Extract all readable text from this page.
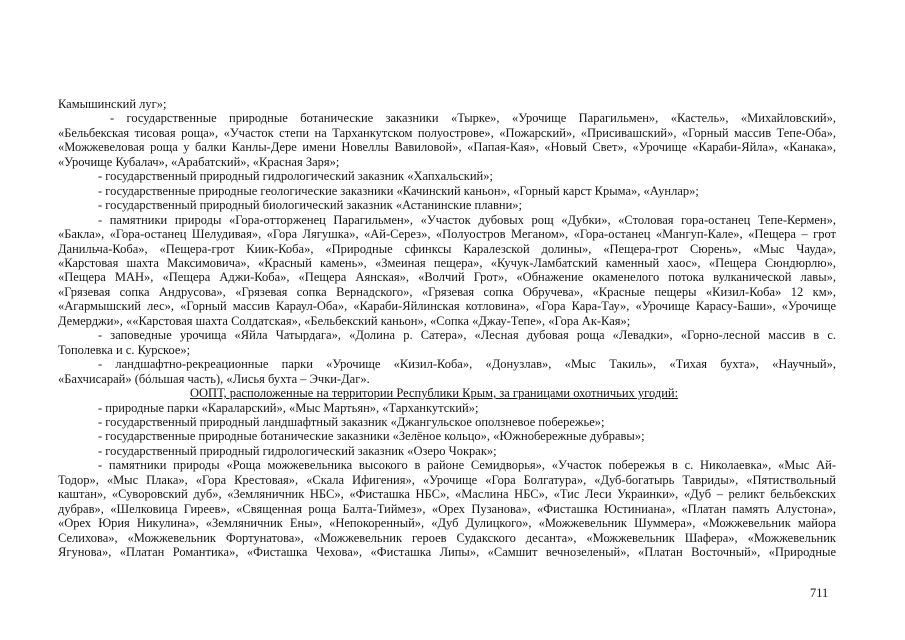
Камышинский луг»;
- государственные природные ботанические заказники «Тырке», «Урочище Парагильмен», «Кастель», «Михайловский»,
«Бельбекская тисовая роща», «Участок степи на Тарханкутском полуострове», «Пожарский», «Присивашский», «Горный массив Тепе-Оба»,
«Можжевеловая роща у балки Канлы-Дере имени Новеллы Вавиловой», «Папая-Кая», «Новый Свет», «Урочище «Караби-Яйла», «Канака»,
«Урочище Кубалач», «Арабатский», «Красная Заря»;
- государственный природный гидрологический заказник «Хапхальский»;
- государственные природные геологические заказники «Качинский каньон», «Горный карст Крыма», «Аунлар»;
- государственный природный биологический заказник «Астанинские плавни»;
- памятники природы «Гора-отторженец Парагильмен», «Участок дубовых рощ «Дубки», «Столовая гора-останец Тепе-Кермен»,
«Бакла», «Гора-останец Шелудивая», «Гора Лягушка», «Ай-Серез», «Полуостров Меганом», «Гора-останец «Мангуп-Кале», «Пещера – грот
Данильча-Коба», «Пещера-грот Киик-Коба», «Природные сфинксы Каралезской долины», «Пещера-грот Сюрень», «Мыс Чауда»,
«Карстовая шахта Максимовича», «Красный камень», «Змеиная пещера», «Кучук-Ламбатский каменный хаос», «Пещера Сюндюрлю»,
«Пещера МАН», «Пещера Аджи-Коба», «Пещера Аянская», «Волчий Грот», «Обнажение окаменелого потока вулканической лавы»,
«Грязевая сопка Андрусова», «Грязевая сопка Вернадского», «Грязевая сопка Обручева», «Красные пещеры «Кизил-Коба» 12 км»,
«Агармышский лес», «Горный массив Караул-Оба», «Караби-Яйлинская котловина», «Гора Кара-Тау», «Урочище Карасу-Баши», «Урочище
Демерджи», ««Карстовая шахта Солдатская», «Бельбекский каньон», «Сопка «Джау-Тепе», «Гора Ак-Кая»;
- заповедные урочища «Яйла Чатырдага», «Долина р. Сатера», «Лесная дубовая роща «Левадки», «Горно-лесной массив в с.
Тополевка и с. Курское»;
- ландшафтно-рекреационные парки «Урочище «Кизил-Коба», «Донузлав», «Мыс Такиль», «Тихая бухта», «Научный»,
«Бахчисарай» (бóльшая часть), «Лисья бухта – Эчки-Даг».
ООПТ, расположенные на территории Республики Крым, за границами охотничьих угодий:
- природные парки «Караларский», «Мыс Мартьян», «Тарханкутский»;
- государственный природный ландшафтный заказник «Джангульское оползневое побережье»;
- государственные природные ботанические заказники «Зелёное кольцо», «Южнобережные дубравы»;
- государственный природный гидрологический заказник «Озеро Чокрак»;
- памятники природы «Роща можжевельника высокого в районе Семидворья», «Участок побережья в с. Николаевка», «Мыс Ай-
Тодор», «Мыс Плака», «Гора Крестовая», «Скала Ифигения», «Урочище «Гора Болгатура», «Дуб-богатырь Тавриды», «Пятиствольный
каштан», «Суворовский дуб», «Земляничник НБС», «Фисташка НБС», «Маслина НБС», «Тис Леси Украинки», «Дуб – реликт бельбекских
дубрав», «Шелковица Гиреев», «Священная роща Балта-Тиймез», «Орех Пузанова», «Фисташка Юстиниана», «Платан память Алустона»,
«Орех Юрия Никулина», «Земляничник Ены», «Непокоренный», «Дуб Дулицкого», «Можжевельник Шуммера», «Можжевельник майора
Селихова», «Можжевельник Фортунатова», «Можжевельник героев Судакского десанта», «Можжевельник Шафера», «Можжевельник
Ягунова», «Платан Романтика», «Фисташка Чехова», «Фисташка Липы», «Самшит вечнозеленый», «Платан Восточный», «Природные
711
